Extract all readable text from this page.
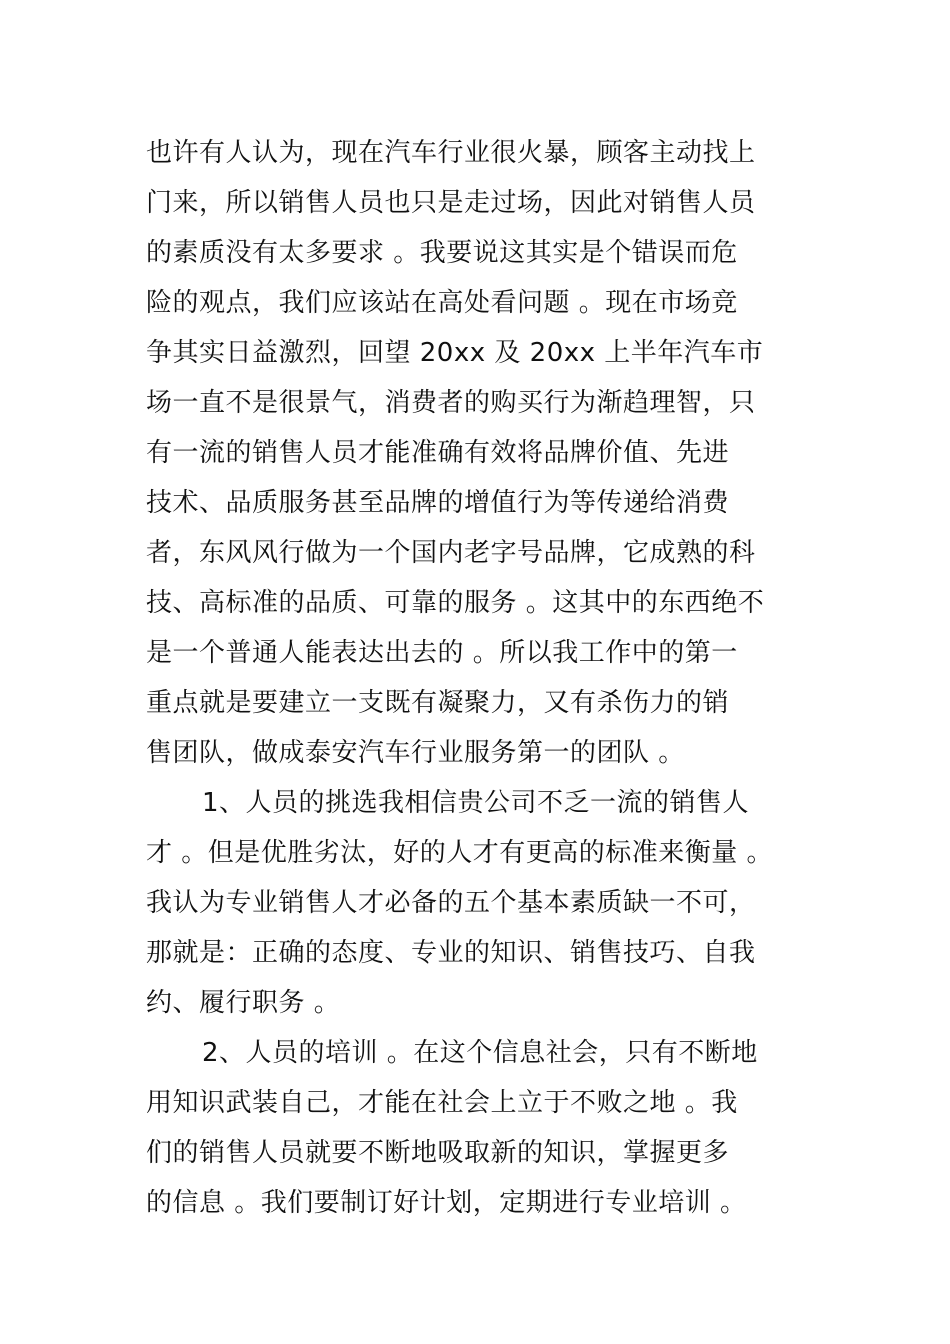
也许有人认为，现在汽车行业很火暴，顾客主动找上
门来，所以销售人员也只是走过场，因此对销售人员
的素质没有太多要求 。我要说这其实是个错误而危
险的观点，我们应该站在高处看问题 。现在市场竞
争其实日益激烈，回望 20xx 及 20xx 上半年汽车市
场一直不是很景气，消费者的购买行为渐趋理智，只
有一流的销售人员才能准确有效将品牌价值、先进
技术、品质服务甚至品牌的增值行为等传递给消费
者，东风风行做为一个国内老字号品牌，它成熟的科
技、高标准的品质、可靠的服务 。这其中的东西绝不
是一个普通人能表达出去的 。所以我工作中的第一
重点就是要建立一支既有凝聚力，又有杀伤力的销
售团队，做成泰安汽车行业服务第一的团队 。
1、人员的挑选我相信贵公司不乏一流的销售人
才 。但是优胜劣汰，好的人才有更高的标准来衡量 。
我认为专业销售人才必备的五个基本素质缺一不可，
那就是：正确的态度、专业的知识、销售技巧、自我
约、履行职务 。
2、人员的培训 。在这个信息社会，只有不断地
用知识武装自己，才能在社会上立于不败之地 。我
们的销售人员就要不断地吸取新的知识，掌握更多
的信息 。我们要制订好计划，定期进行专业培训 。
